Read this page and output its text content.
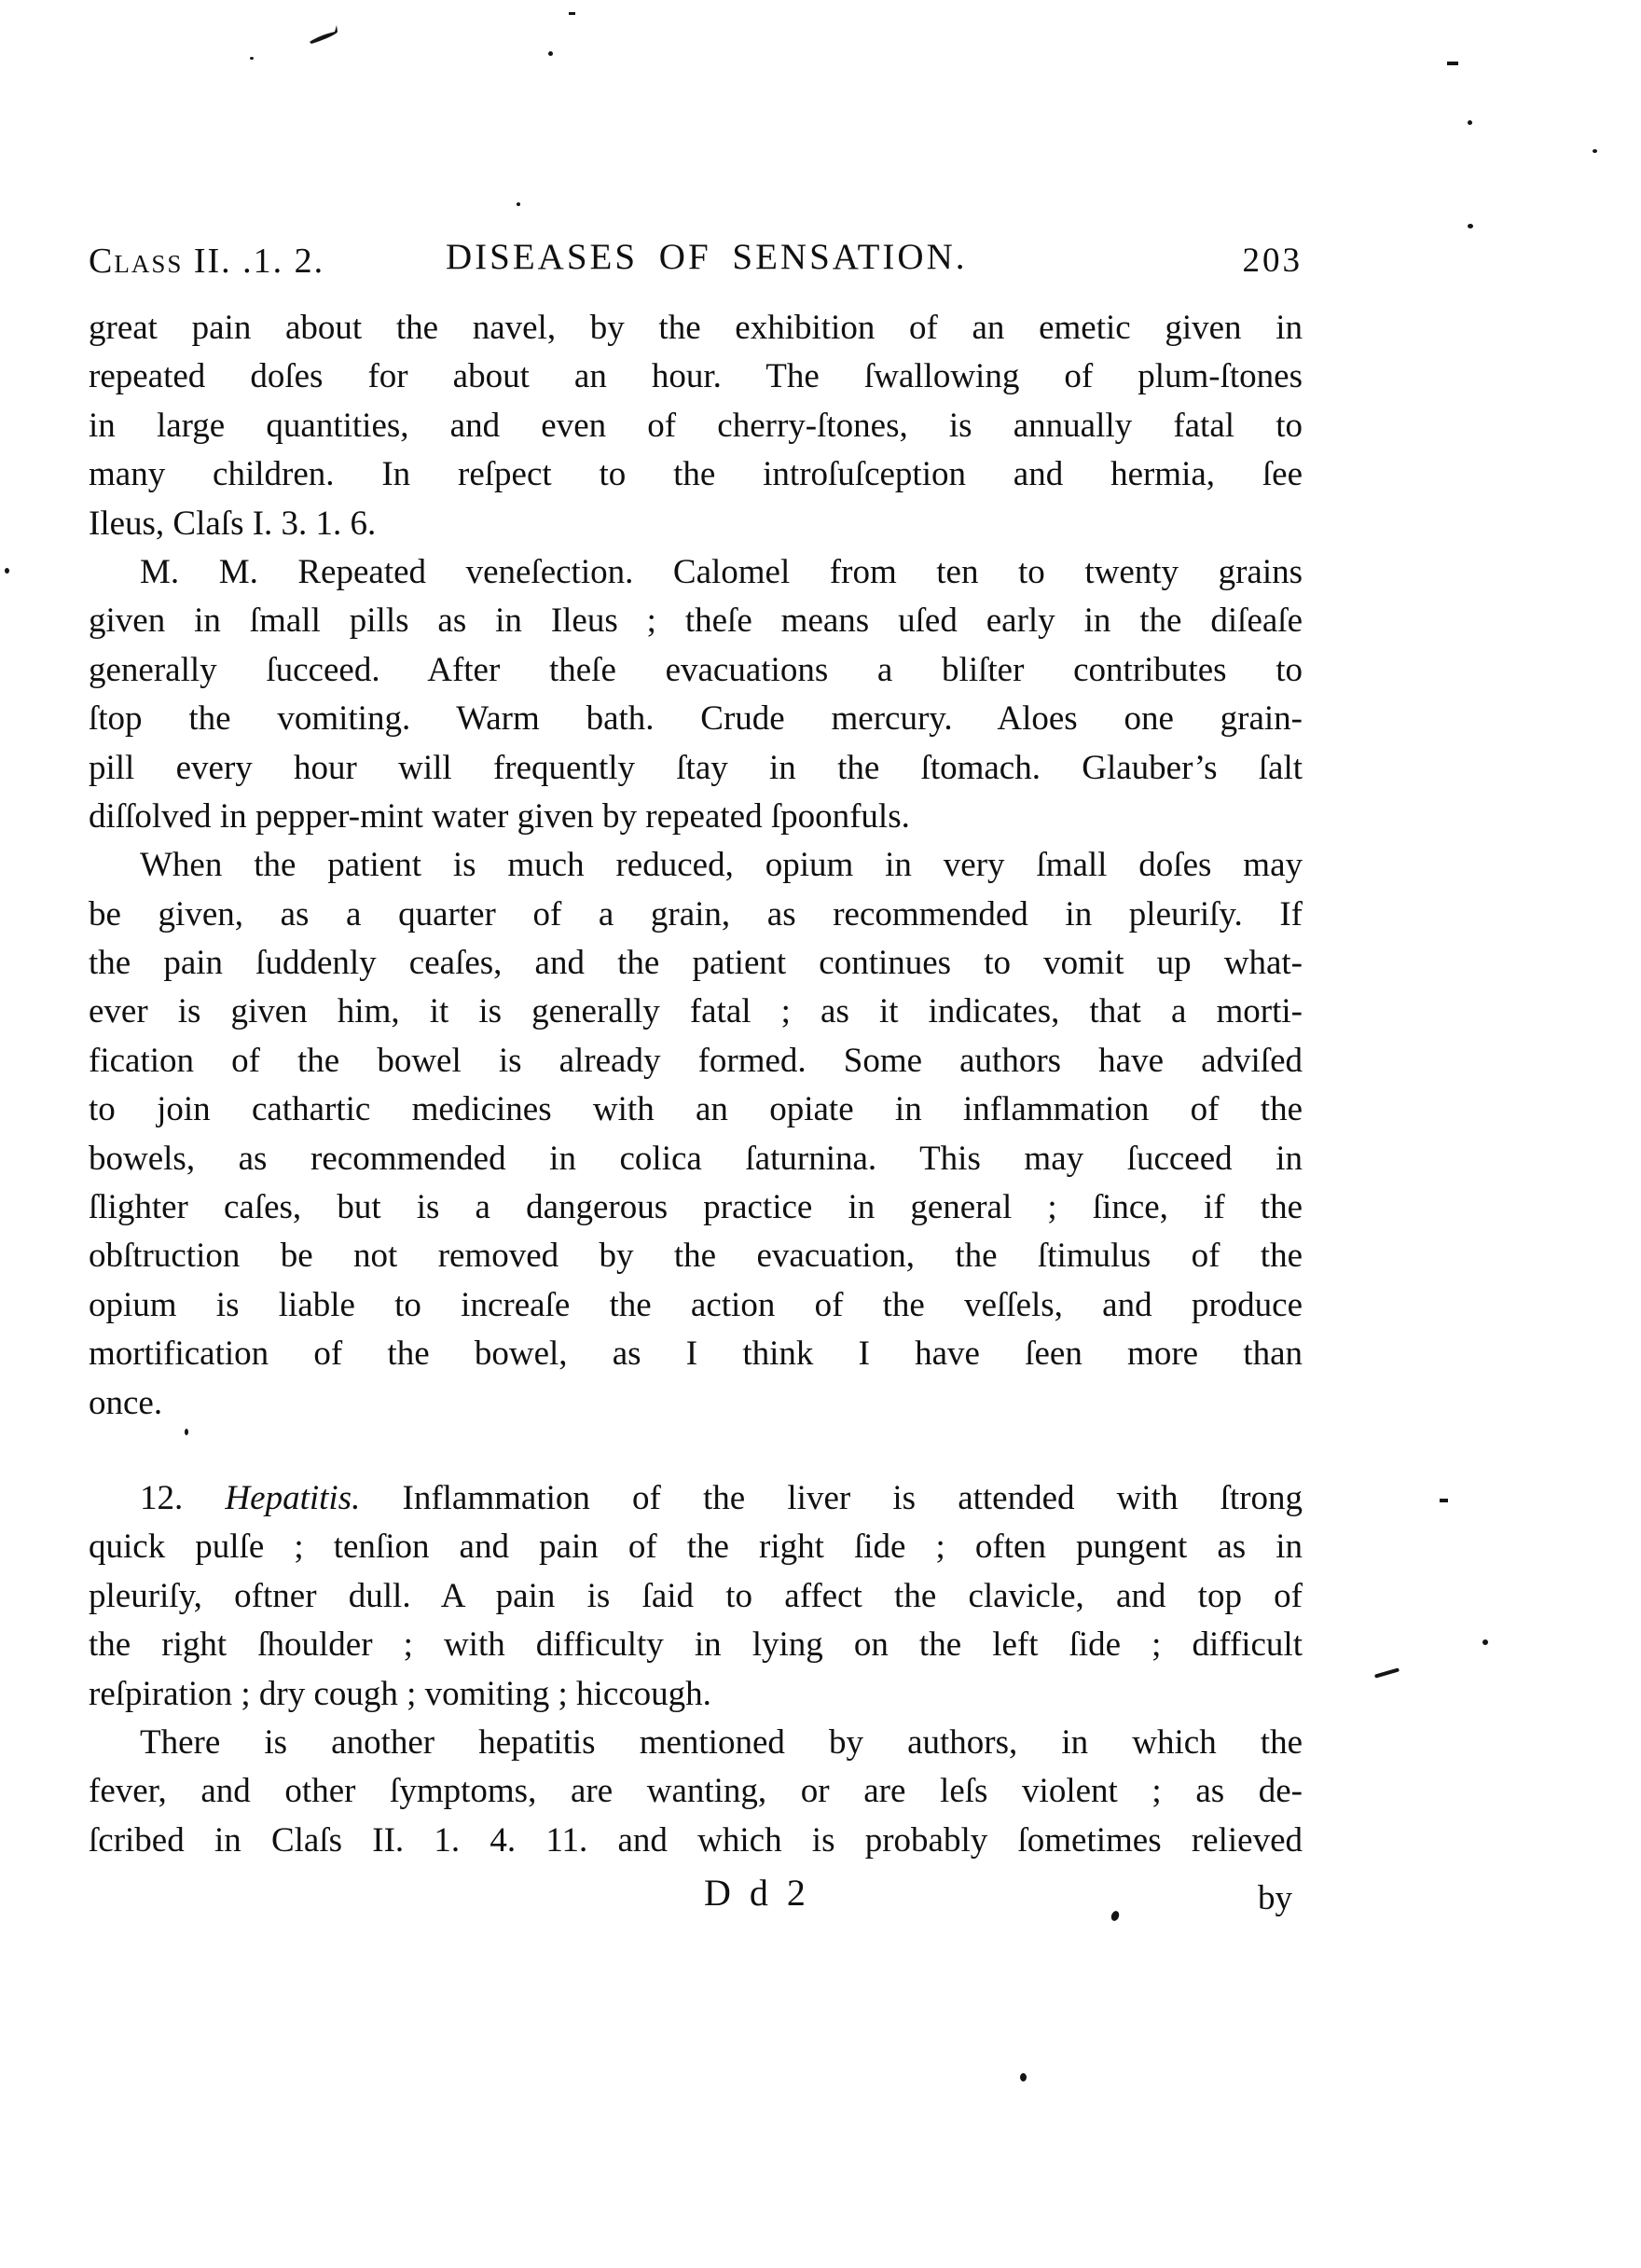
Class II. .1. 2.	DISEASES OF SENSATION.	203
great pain about the navel, by the exhibition of an emetic given in
repeated doſes for about an hour. The ſwallowing of plum-ſtones
in large quantities, and even of cherry-ſtones, is annually fatal to
many children. In reſpect to the introſuſception and hermia, ſee
Ileus, Claſs I. 3. 1. 6.
M. M. Repeated veneſection. Calomel from ten to twenty grains
given in ſmall pills as in Ileus ; theſe means uſed early in the diſeaſe
generally ſucceed. After theſe evacuations a bliſter contributes to
ſtop the vomiting. Warm bath. Crude mercury. Aloes one grain-
pill every hour will frequently ſtay in the ſtomach. Glauber’s ſalt
diſſolved in pepper-mint water given by repeated ſpoonfuls.
When the patient is much reduced, opium in very ſmall doſes may
be given, as a quarter of a grain, as recommended in pleuriſy. If
the pain ſuddenly ceaſes, and the patient continues to vomit up what-
ever is given him, it is generally fatal ; as it indicates, that a morti-
fication of the bowel is already formed. Some authors have adviſed
to join cathartic medicines with an opiate in inflammation of the
bowels, as recommended in colica ſaturnina. This may ſucceed in
ſlighter caſes, but is a dangerous practice in general ; ſince, if the
obſtruction be not removed by the evacuation, the ſtimulus of the
opium is liable to increaſe the action of the veſſels, and produce
mortification of the bowel, as I think I have ſeen more than
once.
12. Hepatitis. Inflammation of the liver is attended with ſtrong
quick pulſe ; tenſion and pain of the right ſide ; often pungent as in
pleuriſy, oftner dull. A pain is ſaid to affect the clavicle, and top of
the right ſhoulder ; with difficulty in lying on the left ſide ; difficult
reſpiration ; dry cough ; vomiting ; hiccough.
There is another hepatitis mentioned by authors, in which the
fever, and other ſymptoms, are wanting, or are leſs violent ; as de-
ſcribed in Claſs II. 1. 4. 11. and which is probably ſometimes relieved
D d 2	by
